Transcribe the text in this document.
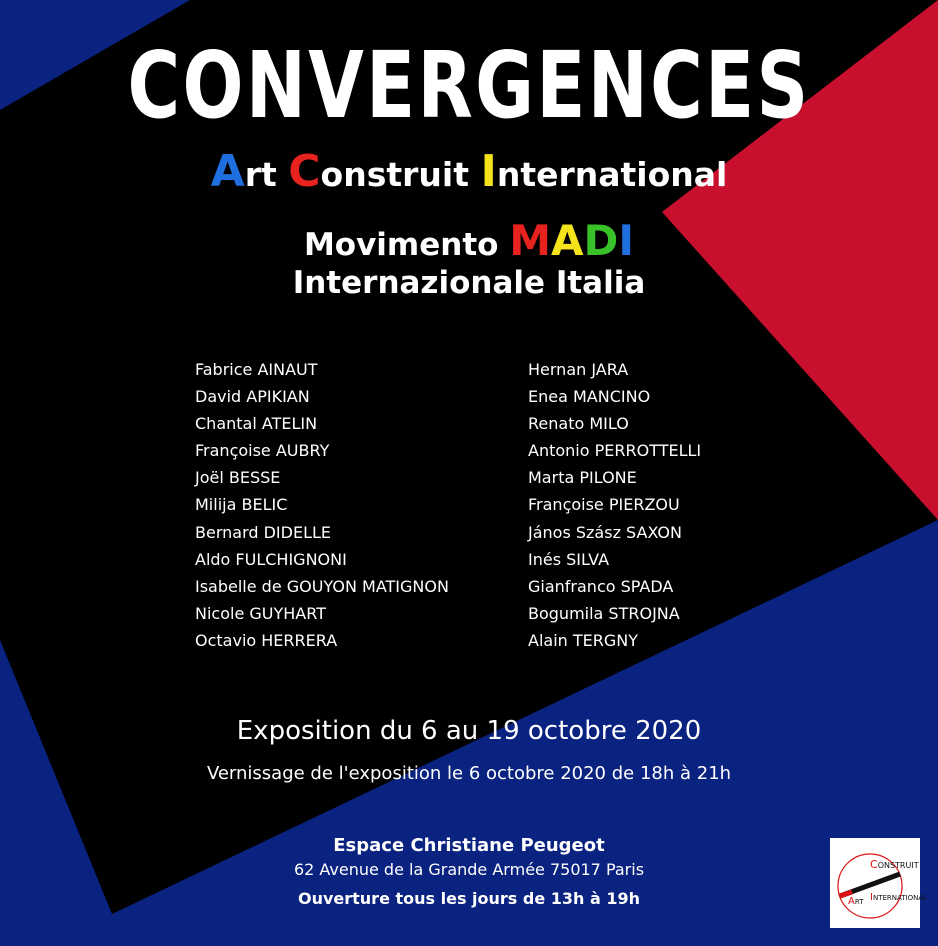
CONVERGENCES
Art Construit International
Movimento MADI
Internazionale Italia
Fabrice AINAUT
David APIKIAN
Chantal ATELIN
Françoise AUBRY
Joël BESSE
Milija BELIC
Bernard DIDELLE
Aldo FULCHIGNONI
Isabelle de GOUYON MATIGNON
Nicole GUYHART
Octavio HERRERA
Hernan JARA
Enea MANCINO
Renato MILO
Antonio PERROTTELLI
Marta PILONE
Françoise PIERZOU
János Szász SAXON
Inés SILVA
Gianfranco SPADA
Bogumila STROJNA
Alain TERGNY
Exposition du 6 au 19 octobre 2020
Vernissage de l'exposition le 6 octobre 2020 de 18h à 21h
Espace Christiane Peugeot
62 Avenue de la Grande Armée 75017 Paris
Ouverture tous les jours de 13h à 19h
CONSTRUIT
INTERNATIONAL
ART
